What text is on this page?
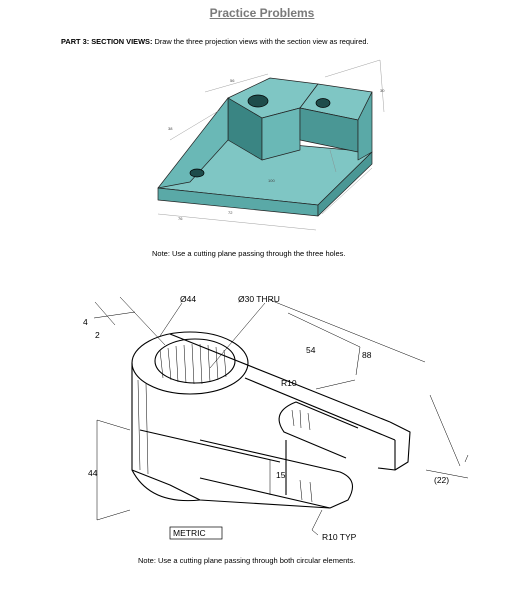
Practice Problems
PART 3: SECTION VIEWS: Draw the three projection views with the section view as required.
56
38
100
76
72
30
Note: Use a cutting plane passing through the three holes.
Ø44	Ø30 THRU
54	88
R10
4
2
44	15	(22)
R10 TYP
METRIC
Note: Use a cutting plane passing through both circular elements.
